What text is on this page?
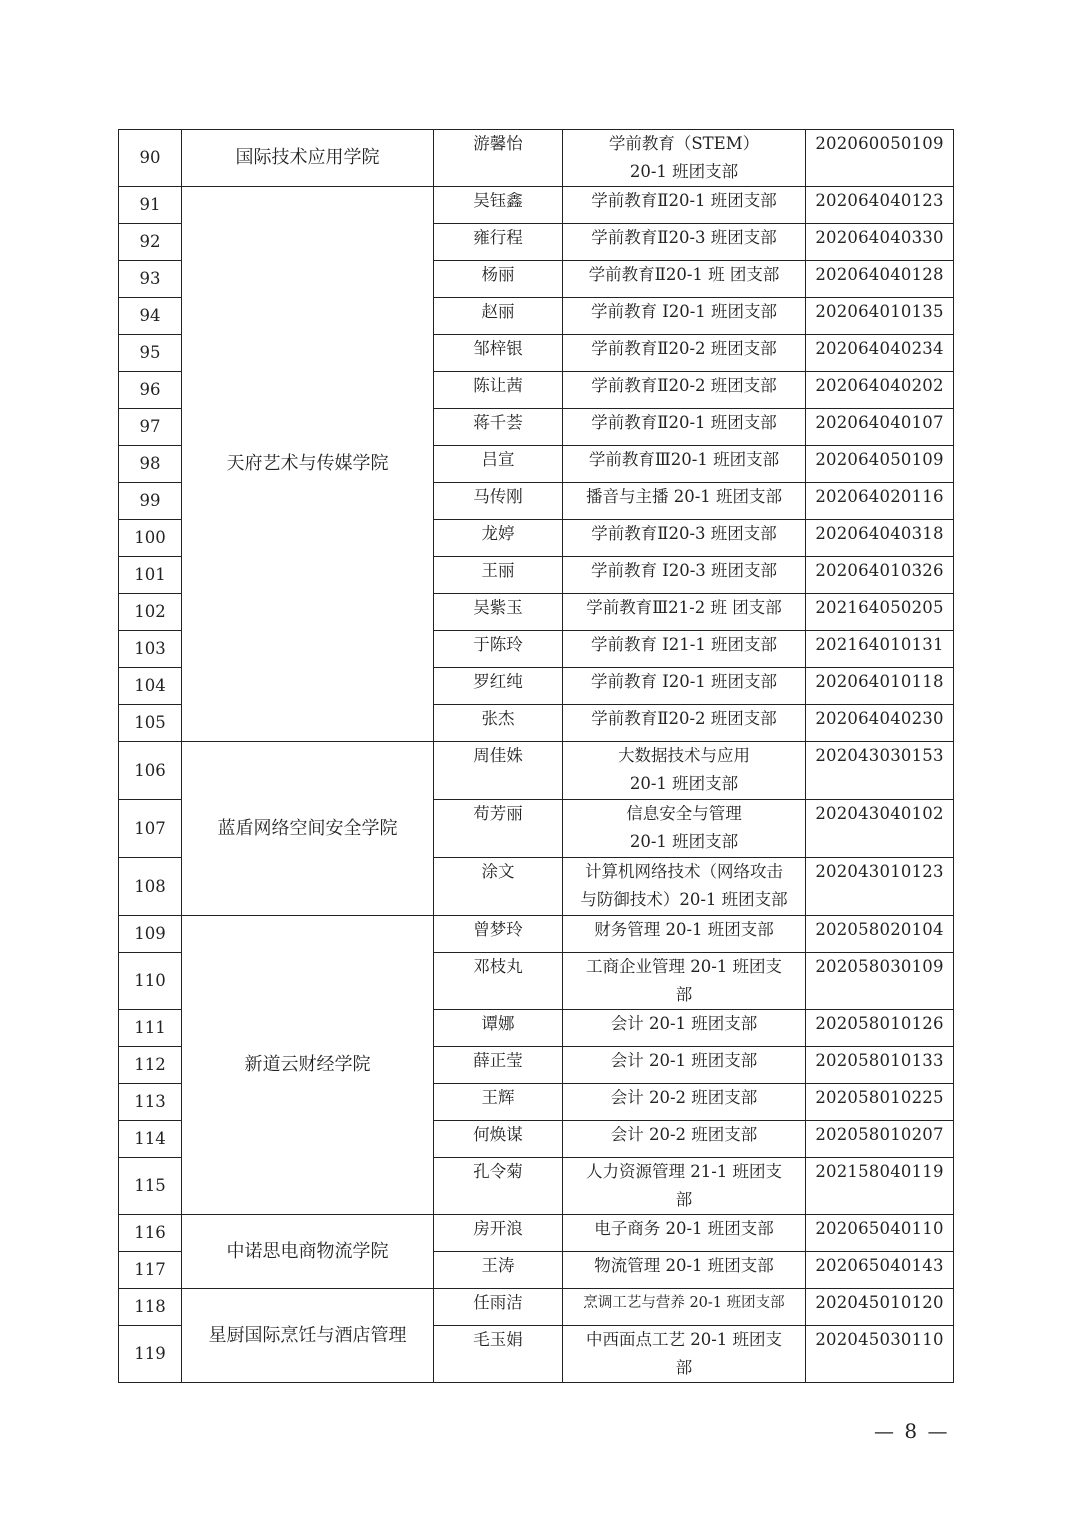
90	国际技术应用学院	游馨怡	学前教育（STEM）
20-1 班团支部	202060050109
91	天府艺术与传媒学院	吴钰鑫	学前教育Ⅱ20-1 班团支部	202064040123
92		雍行程	学前教育Ⅱ20-3 班团支部	202064040330
93		杨丽	学前教育Ⅱ20-1 班 团支部	202064040128
94		赵丽	学前教育 I20-1 班团支部	202064010135
95		邹梓银	学前教育Ⅱ20-2 班团支部	202064040234
96		陈让茜	学前教育Ⅱ20-2 班团支部	202064040202
97		蒋千荟	学前教育Ⅱ20-1 班团支部	202064040107
98		吕宣	学前教育Ⅲ20-1 班团支部	202064050109
99		马传刚	播音与主播 20-1 班团支部	202064020116
100		龙婷	学前教育Ⅱ20-3 班团支部	202064040318
101		王丽	学前教育 I20-3 班团支部	202064010326
102		吴紫玉	学前教育Ⅲ21-2 班 团支部	202164050205
103		于陈玲	学前教育 I21-1 班团支部	202164010131
104		罗红纯	学前教育 I20-1 班团支部	202064010118
105		张杰	学前教育Ⅱ20-2 班团支部	202064040230
106	蓝盾网络空间安全学院	周佳姝	大数据技术与应用
20-1 班团支部	202043030153
107		苟芳丽	信息安全与管理
20-1 班团支部	202043040102
108		涂文	计算机网络技术（网络攻击
与防御技术）20-1 班团支部	202043010123
109	新道云财经学院	曾梦玲	财务管理 20-1 班团支部	202058020104
110		邓枝丸	工商企业管理 20-1 班团支
部	202058030109
111		谭娜	会计 20-1 班团支部	202058010126
112		薛正莹	会计 20-1 班团支部	202058010133
113		王辉	会计 20-2 班团支部	202058010225
114		何焕谋	会计 20-2 班团支部	202058010207
115		孔令菊	人力资源管理 21-1 班团支
部	202158040119
116	中诺思电商物流学院	房开浪	电子商务 20-1 班团支部	202065040110
117		王涛	物流管理 20-1 班团支部	202065040143
118	星厨国际烹饪与酒店管理	任雨洁	烹调工艺与营养 20-1 班团支部	202045010120
119		毛玉娟	中西面点工艺 20-1 班团支
部	202045030110
— 8 —
